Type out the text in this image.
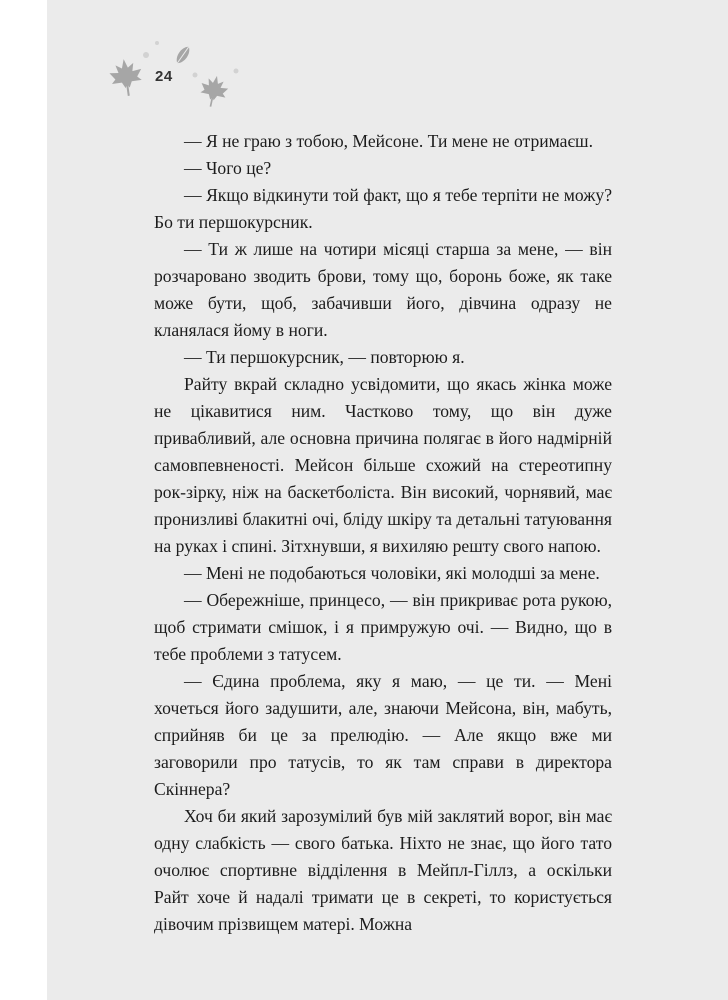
24

— Я не граю з тобою, Мейсоне. Ти мене не отримаєш.

— Чого це?

— Якщо відкинути той факт, що я тебе терпіти не можу? Бо ти першокурсник.

— Ти ж лише на чотири місяці старша за мене, — він розчаровано зводить брови, тому що, боронь боже, як таке може бути, щоб, забачивши його, дівчина одразу не кланялася йому в ноги.

— Ти першокурсник, — повторюю я.

Райту вкрай складно усвідомити, що якась жінка може не цікавитися ним. Частково тому, що він дуже привабливий, але основна причина полягає в його надмірній самовпевненості. Мейсон більше схожий на стереотипну рок-зірку, ніж на баскетболіста. Він високий, чорнявий, має пронизливі блакитні очі, бліду шкіру та детальні татуювання на руках і спині. Зітхнувши, я вихиляю решту свого напою.

— Мені не подобаються чоловіки, які молодші за мене.

— Обережніше, принцесо, — він прикриває рота рукою, щоб стримати смішок, і я примружую очі. — Видно, що в тебе проблеми з татусем.

— Єдина проблема, яку я маю, — це ти. — Мені хочеться його задушити, але, знаючи Мейсона, він, мабуть, сприйняв би це за прелюдію. — Але якщо вже ми заговорили про татусів, то як там справи в директора Скіннера?

Хоч би який зарозумілий був мій заклятий ворог, він має одну слабкість — свого батька. Ніхто не знає, що його тато очолює спортивне відділення в Мейпл-Гіллз, а оскільки Райт хоче й надалі тримати це в секреті, то користується дівочим прізвищем матері. Можна
